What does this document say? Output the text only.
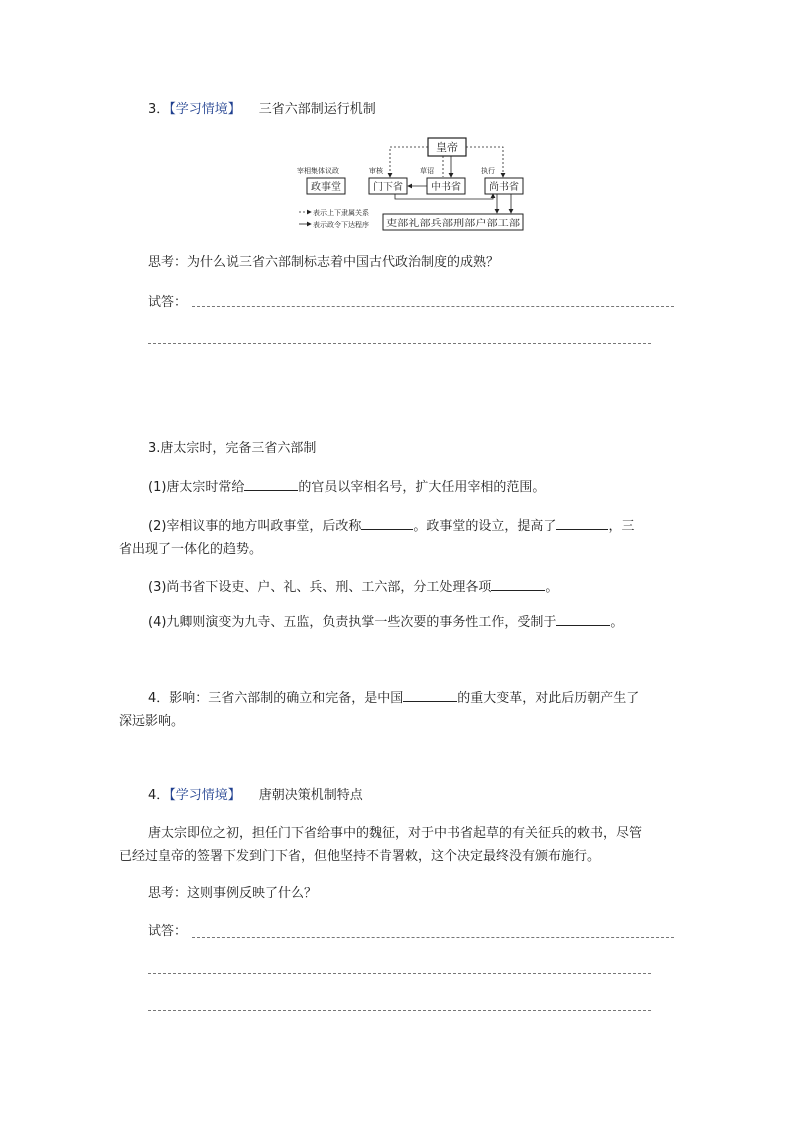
3．【学习情境】 三省六部制运行机制
皇帝
宰相集体议政	审核	草诏	执行
政事堂	门下省	中书省	尚书省
吏部礼部兵部刑部户部工部
表示上下隶属关系
表示政令下达程序
思考：为什么说三省六部制标志着中国古代政治制度的成熟？
试答：
3.唐太宗时，完备三省六部制
(1)唐太宗时常给	的官员以宰相名号，扩大任用宰相的范围。
(2)宰相议事的地方叫政事堂，后改称	。政事堂的设立，提高了	，三
省出现了一体化的趋势。
(3)尚书省下设吏、户、礼、兵、刑、工六部，分工处理各项	。
(4)九卿则演变为九寺、五监，负责执掌一些次要的事务性工作，受制于	。
4．影响：三省六部制的确立和完备，是中国	的重大变革，对此后历朝产生了
深远影响。
4．【学习情境】 唐朝决策机制特点
唐太宗即位之初，担任门下省给事中的魏征，对于中书省起草的有关征兵的敕书，尽管
已经过皇帝的签署下发到门下省，但他坚持不肯署敕，这个决定最终没有颁布施行。
思考：这则事例反映了什么？
试答：
